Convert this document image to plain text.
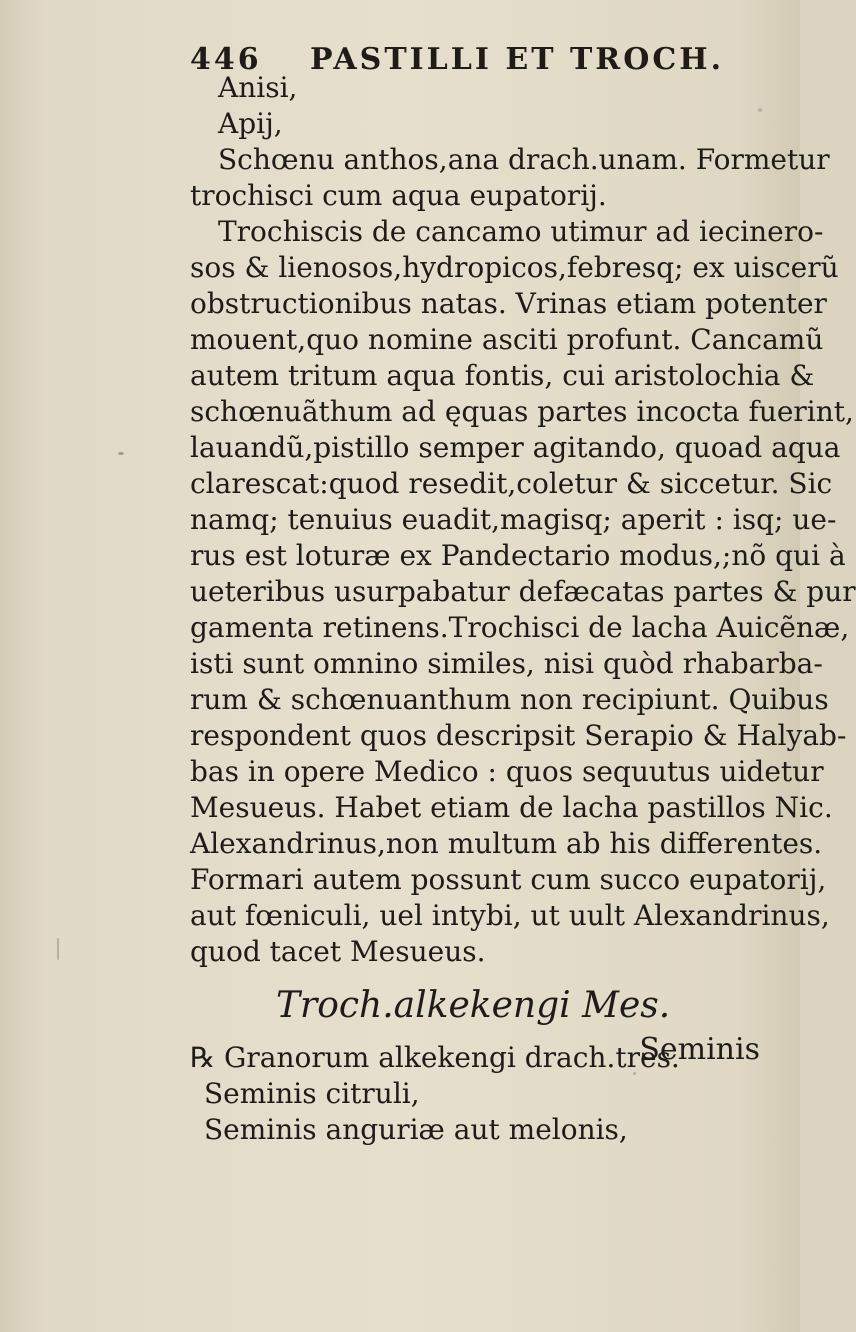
446 PASTILLI ET TROCH.
Anisi,
Apij,
Schœnu anthos,ana drach.unam. Formetur
trochisci cum aqua eupatorij.
Trochiscis de cancamo utimur ad iecinero-
sos & lienosos,hydropicos,febresq; ex uiscerũ
obstructionibus natas. Vrinas etiam potenter
mouent,quo nomine asciti profunt. Cancamũ
autem tritum aqua fontis, cui aristolochia &
schœnuãthum ad ęquas partes incocta fuerint,
lauandũ,pistillo semper agitando, quoad aqua
clarescat:quod resedit,coletur & siccetur. Sic
namq; tenuius euadit,magisq; aperit : isq; ue-
rus est loturæ ex Pandectario modus,;nõ qui à
ueteribus usurpabatur defæcatas partes & pur
gamenta retinens.Trochisci de lacha Auicẽnæ,
isti sunt omnino similes, nisi quòd rhabarba-
rum & schœnuanthum non recipiunt. Quibus
respondent quos descripsit Serapio & Halyab-
bas in opere Medico : quos sequutus uidetur
Mesueus. Habet etiam de lacha pastillos Nic.
Alexandrinus,non multum ab his differentes.
Formari autem possunt cum succo eupatorij,
aut fœniculi, uel intybi, ut uult Alexandrinus,
quod tacet Mesueus.
Troch.alkekengi Mes.
℞ Granorum alkekengi drach.tres.
Seminis citruli,
Seminis anguriæ aut melonis,
Seminis
